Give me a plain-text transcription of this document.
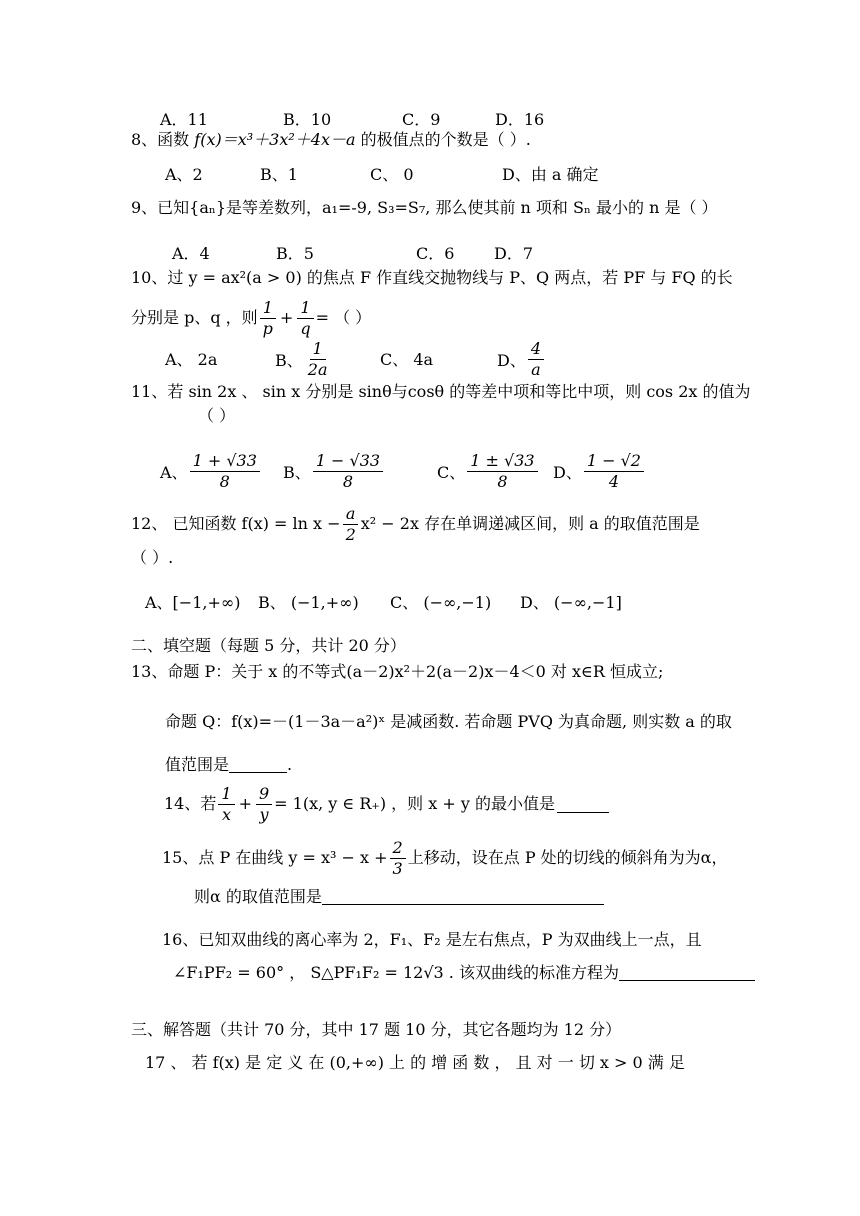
A．11	B．10	C．9	D．16
8、函数 f(x)＝x³＋3x²＋4x－a 的极值点的个数是（ ）.
A、2	B、1	C、 0	D、由 a 确定
9、已知{aₙ}是等差数列，a₁=-9, S₃=S₇, 那么使其前 n 项和 Sₙ 最小的 n 是（ ）
A．4	B．5	C．6 D．7
10、过 y = ax²(a > 0) 的焦点 F 作直线交抛物线与 P、Q 两点，若 PF 与 FQ 的长
分别是 p、q ，则 $\frac{1}{p} + \frac{1}{q}$ = （ ）
A、 2a	B、 $\frac{1}{2a}$	C、 4a	D、 $\frac{4}{a}$
11、若 sin 2x 、 sin x 分别是 sinθ与cosθ 的等差中项和等比中项，则 cos 2x 的值为
（ ）
A、 $\frac{1 + √33}{8}$ B、 $\frac{1 - √33}{8}$	C、 $\frac{1 \pm √33}{8}$ D、 $\frac{1 - √2}{4}$
12、 已知函数 $f(x) = \ln x - \frac{a}{2} x^2 - 2x$ 存在单调递减区间，则 a 的取值范围是
（ ）.
A、[−1,+∞) B、 (−1,+∞) C、 (−∞,−1) D、 (−∞,−1]
二、填空题（每题 5 分，共计 20 分）
13、命题 P：关于 x 的不等式(a－2)x²＋2(a－2)x－4＜0 对 x∈R 恒成立;
命题 Q：f(x)=－(1－3a－a²)ˣ 是减函数. 若命题 PVQ 为真命题, 则实数 a 的取
值范围是	.
14、若 $\frac{1}{x} + \frac{9}{y} = 1(x$, y ∈ R₊) ，则 x + y 的最小值是
15、点 P 在曲线 $y = x^3 - x + \frac{2}{3}$ 上移动，设在点 P 处的切线的倾斜角为为α，
则α 的取值范围是
16、已知双曲线的离心率为 2，F₁、F₂ 是左右焦点，P 为双曲线上一点，且
∠F₁PF₂ = 60° ， S△PF₁F₂ = 12√3 . 该双曲线的标准方程为
三、解答题（共计 70 分，其中 17 题 10 分，其它各题均为 12 分）
17 、 若 f(x) 是 定 义 在 (0,+∞) 上 的 增 函 数 ， 且 对 一 切 x > 0 满 足
